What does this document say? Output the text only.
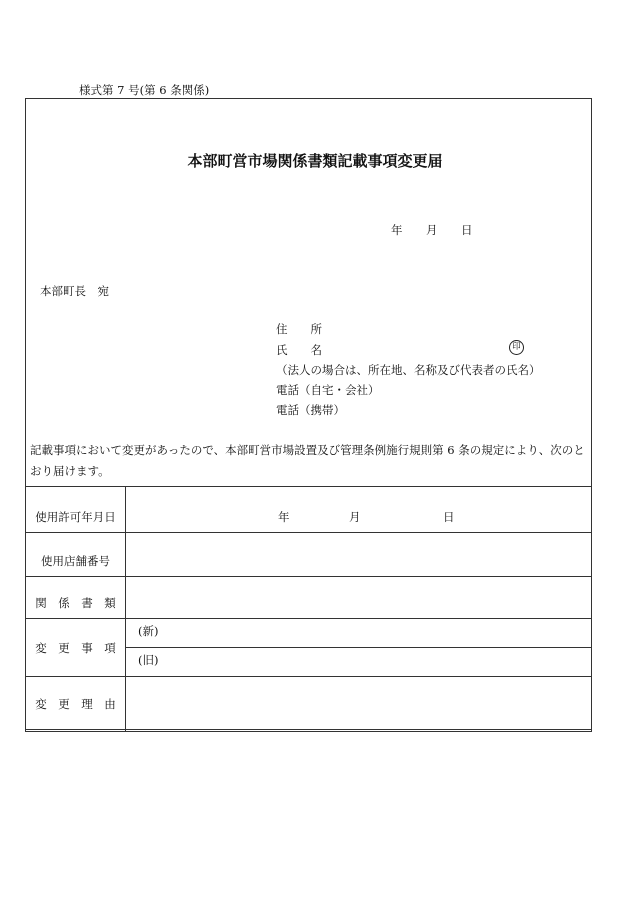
様式第 7 号(第 6 条関係)
本部町営市場関係書類記載事項変更届
年 月 日
本部町長　宛
住　　所
氏　　名	印
（法人の場合は、所在地、名称及び代表者の氏名）
電話（自宅・会社）
電話（携帯）
記載事項において変更があったので、本部町営市場設置及び管理条例施行規則第 6 条の規定により、次のとおり届けます。
使用許可年月日	年 月 日

使用店舗番号	
関　係　書　類	
変　更　事　項	(新)

	(旧)

変　更　理　由	
